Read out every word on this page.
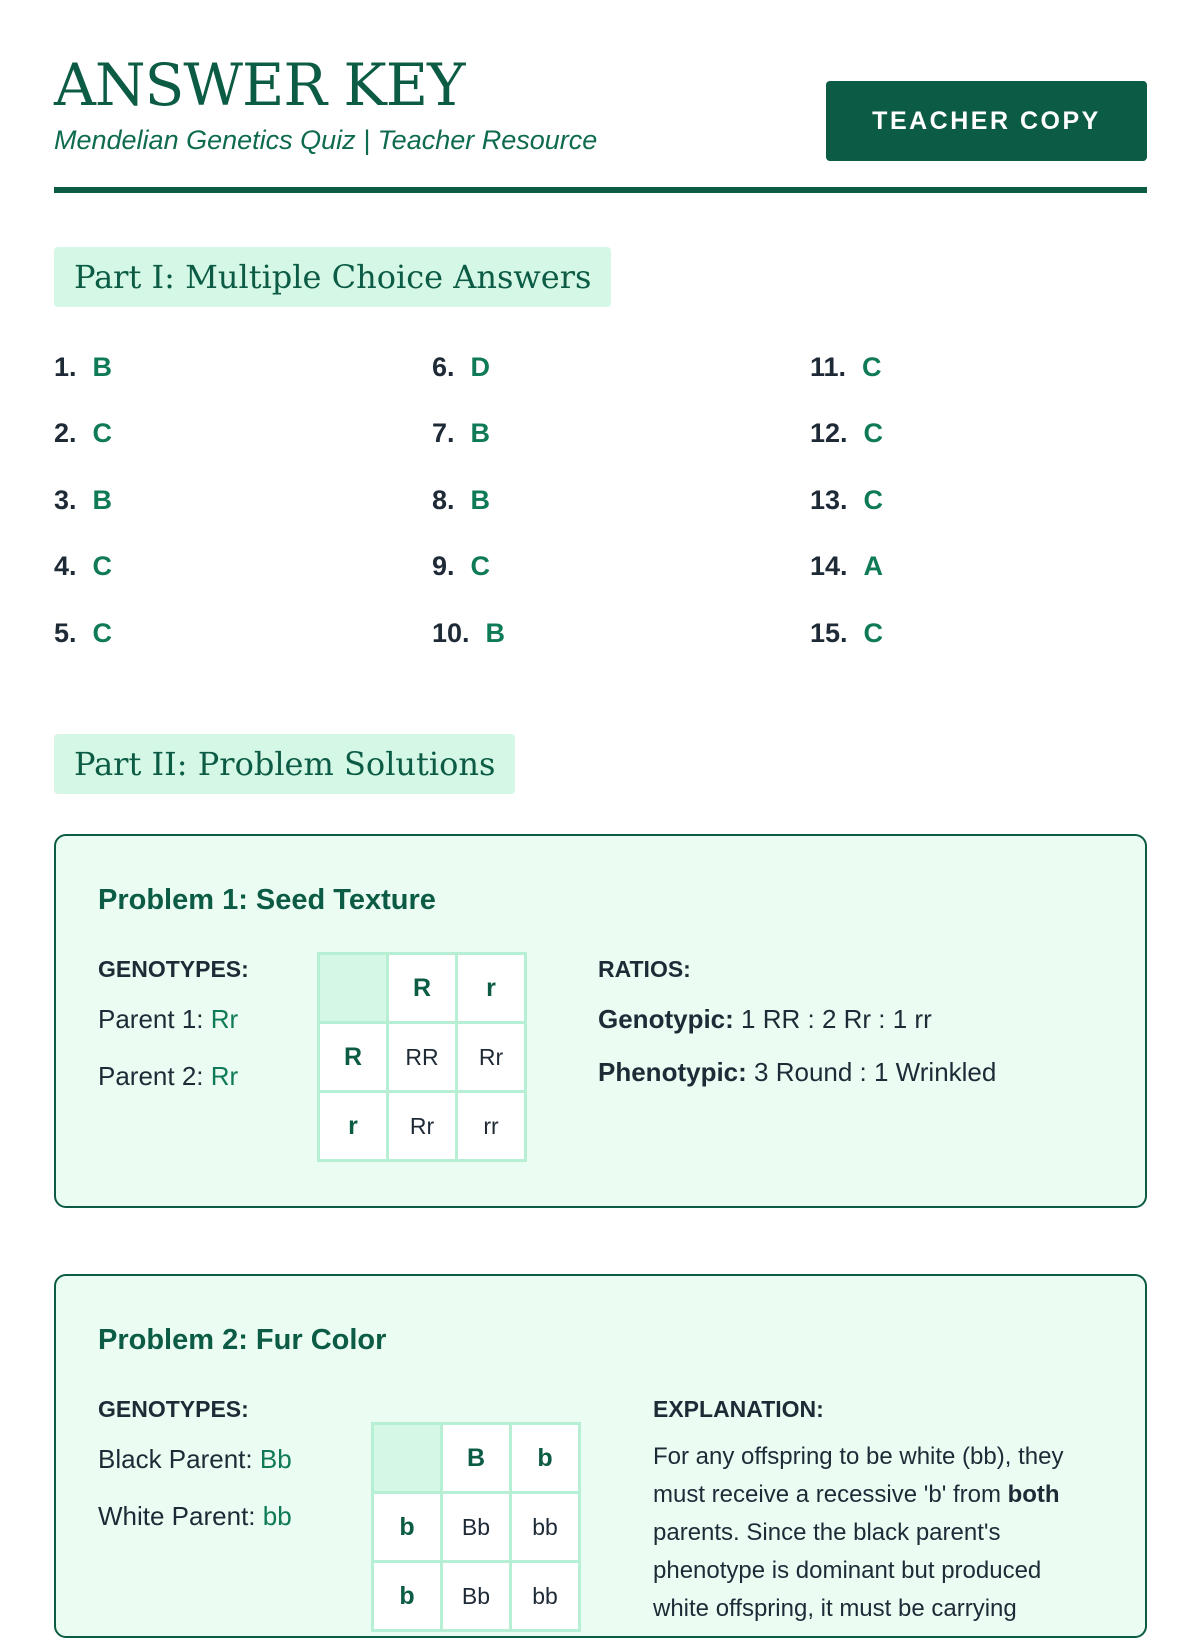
ANSWER KEY
Mendelian Genetics Quiz | Teacher Resource
TEACHER COPY
Part I: Multiple Choice Answers
1. B	6. D	11. C
2. C	7. B	12. C
3. B	8. B	13. C
4. C	9. C	14. A
5. C	10. B	15. C
Part II: Problem Solutions
Problem 1: Seed Texture
GENOTYPES:
Parent 1: Rr
Parent 2: Rr
	R	r
R	RR	Rr
r	Rr	rr
RATIOS:
Genotypic: 1 RR : 2 Rr : 1 rr
Phenotypic: 3 Round : 1 Wrinkled
Problem 2: Fur Color
GENOTYPES:
Black Parent: Bb
White Parent: bb
	B	b
b	Bb	bb
b	Bb	bb
EXPLANATION:
For any offspring to be white (bb), they must receive a recessive 'b' from both parents. Since the black parent's phenotype is dominant but produced white offspring, it must be carrying
